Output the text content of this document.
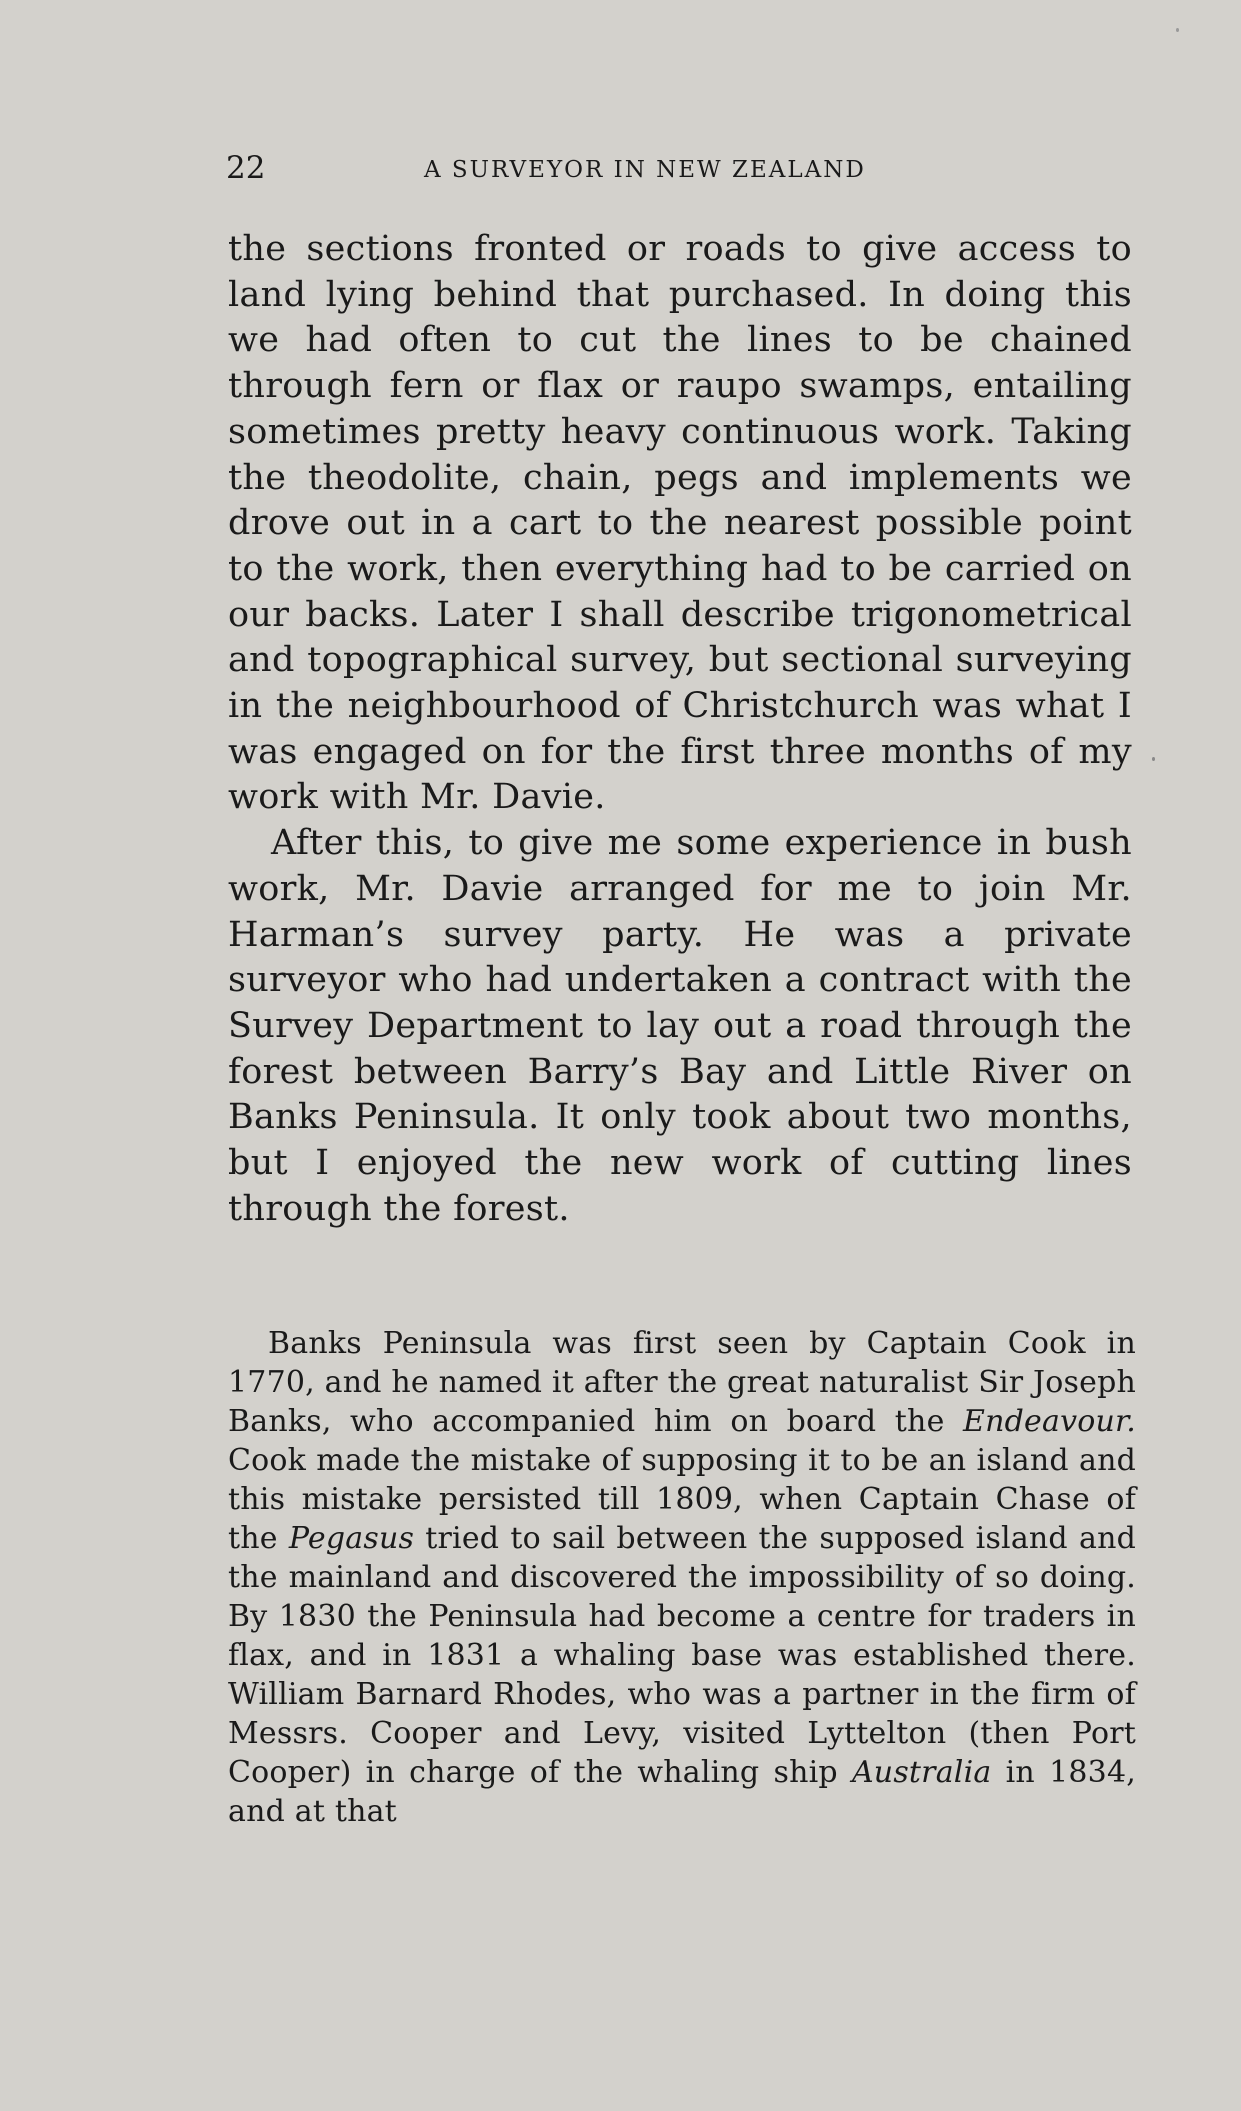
22	A SURVEYOR IN NEW ZEALAND

the sections fronted or roads to give access to land lying behind that purchased. In doing this we had often to cut the lines to be chained through fern or flax or raupo swamps, entailing sometimes pretty heavy continuous work. Taking the theodolite, chain, pegs and implements we drove out in a cart to the nearest possible point to the work, then everything had to be carried on our backs. Later I shall describe trigonometrical and topographical survey, but sectional surveying in the neighbourhood of Christchurch was what I was engaged on for the first three months of my work with Mr. Davie.

After this, to give me some experience in bush work, Mr. Davie arranged for me to join Mr. Harman’s survey party. He was a private surveyor who had undertaken a contract with the Survey Department to lay out a road through the forest between Barry’s Bay and Little River on Banks Peninsula. It only took about two months, but I enjoyed the new work of cutting lines through the forest.

Banks Peninsula was first seen by Captain Cook in 1770, and he named it after the great naturalist Sir Joseph Banks, who accompanied him on board the Endeavour. Cook made the mistake of supposing it to be an island and this mistake persisted till 1809, when Captain Chase of the Pegasus tried to sail between the supposed island and the mainland and discovered the impossibility of so doing. By 1830 the Peninsula had become a centre for traders in flax, and in 1831 a whaling base was established there. William Barnard Rhodes, who was a partner in the firm of Messrs. Cooper and Levy, visited Lyttelton (then Port Cooper) in charge of the whaling ship Australia in 1834, and at that
